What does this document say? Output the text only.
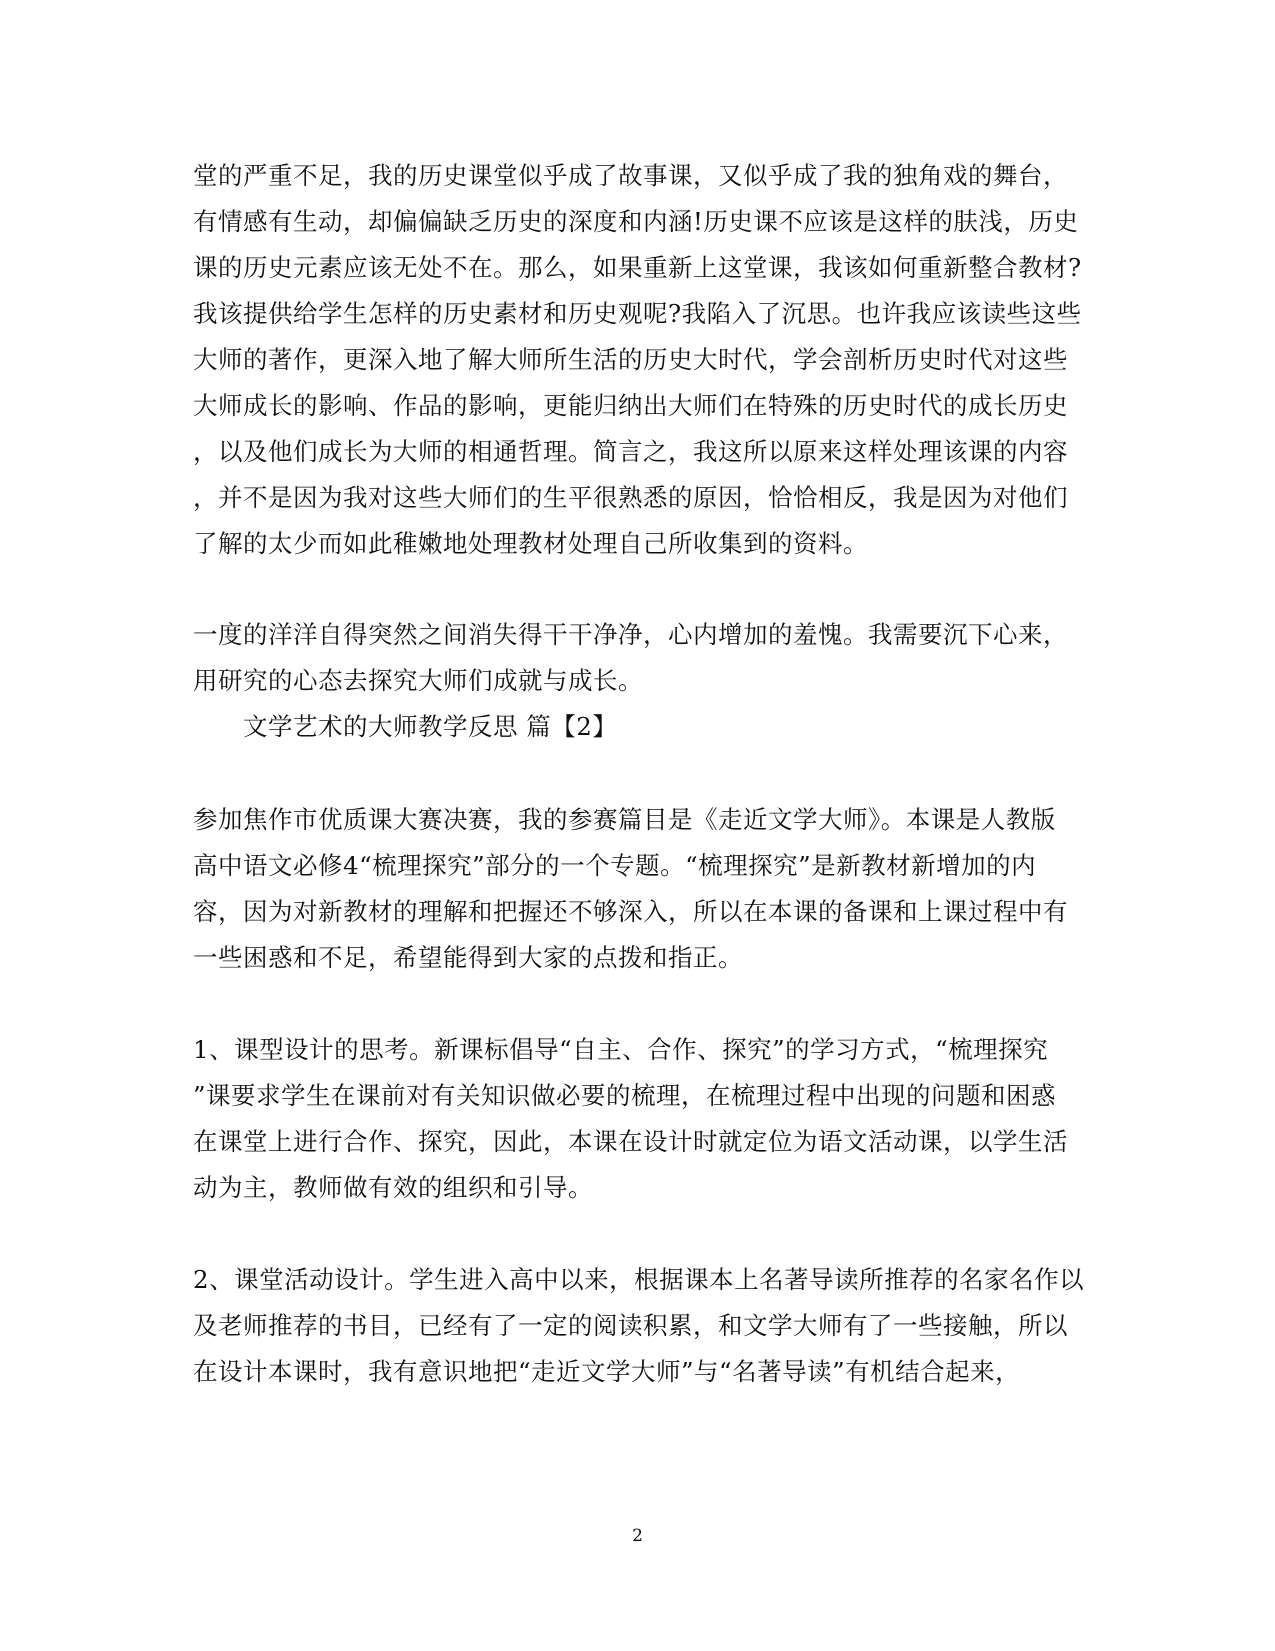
堂的严重不足，我的历史课堂似乎成了故事课，又似乎成了我的独角戏的舞台，
有情感有生动，却偏偏缺乏历史的深度和内涵!历史课不应该是这样的肤浅，历史
课的历史元素应该无处不在。那么，如果重新上这堂课，我该如何重新整合教材?
我该提供给学生怎样的历史素材和历史观呢?我陷入了沉思。也许我应该读些这些
大师的著作，更深入地了解大师所生活的历史大时代，学会剖析历史时代对这些
大师成长的影响、作品的影响，更能归纳出大师们在特殊的历史时代的成长历史
，以及他们成长为大师的相通哲理。简言之，我这所以原来这样处理该课的内容
，并不是因为我对这些大师们的生平很熟悉的原因，恰恰相反，我是因为对他们
了解的太少而如此稚嫩地处理教材处理自己所收集到的资料。
一度的洋洋自得突然之间消失得干干净净，心内增加的羞愧。我需要沉下心来，
用研究的心态去探究大师们成就与成长。
文学艺术的大师教学反思 篇【2】
参加焦作市优质课大赛决赛，我的参赛篇目是《走近文学大师》。本课是人教版
高中语文必修4“梳理探究”部分的一个专题。“梳理探究”是新教材新增加的内
容，因为对新教材的理解和把握还不够深入，所以在本课的备课和上课过程中有
一些困惑和不足，希望能得到大家的点拨和指正。
1、课型设计的思考。新课标倡导“自主、合作、探究”的学习方式，“梳理探究
”课要求学生在课前对有关知识做必要的梳理，在梳理过程中出现的问题和困惑
在课堂上进行合作、探究，因此，本课在设计时就定位为语文活动课，以学生活
动为主，教师做有效的组织和引导。
2、课堂活动设计。学生进入高中以来，根据课本上名著导读所推荐的名家名作以
及老师推荐的书目，已经有了一定的阅读积累，和文学大师有了一些接触，所以
在设计本课时，我有意识地把“走近文学大师”与“名著导读”有机结合起来，
2
